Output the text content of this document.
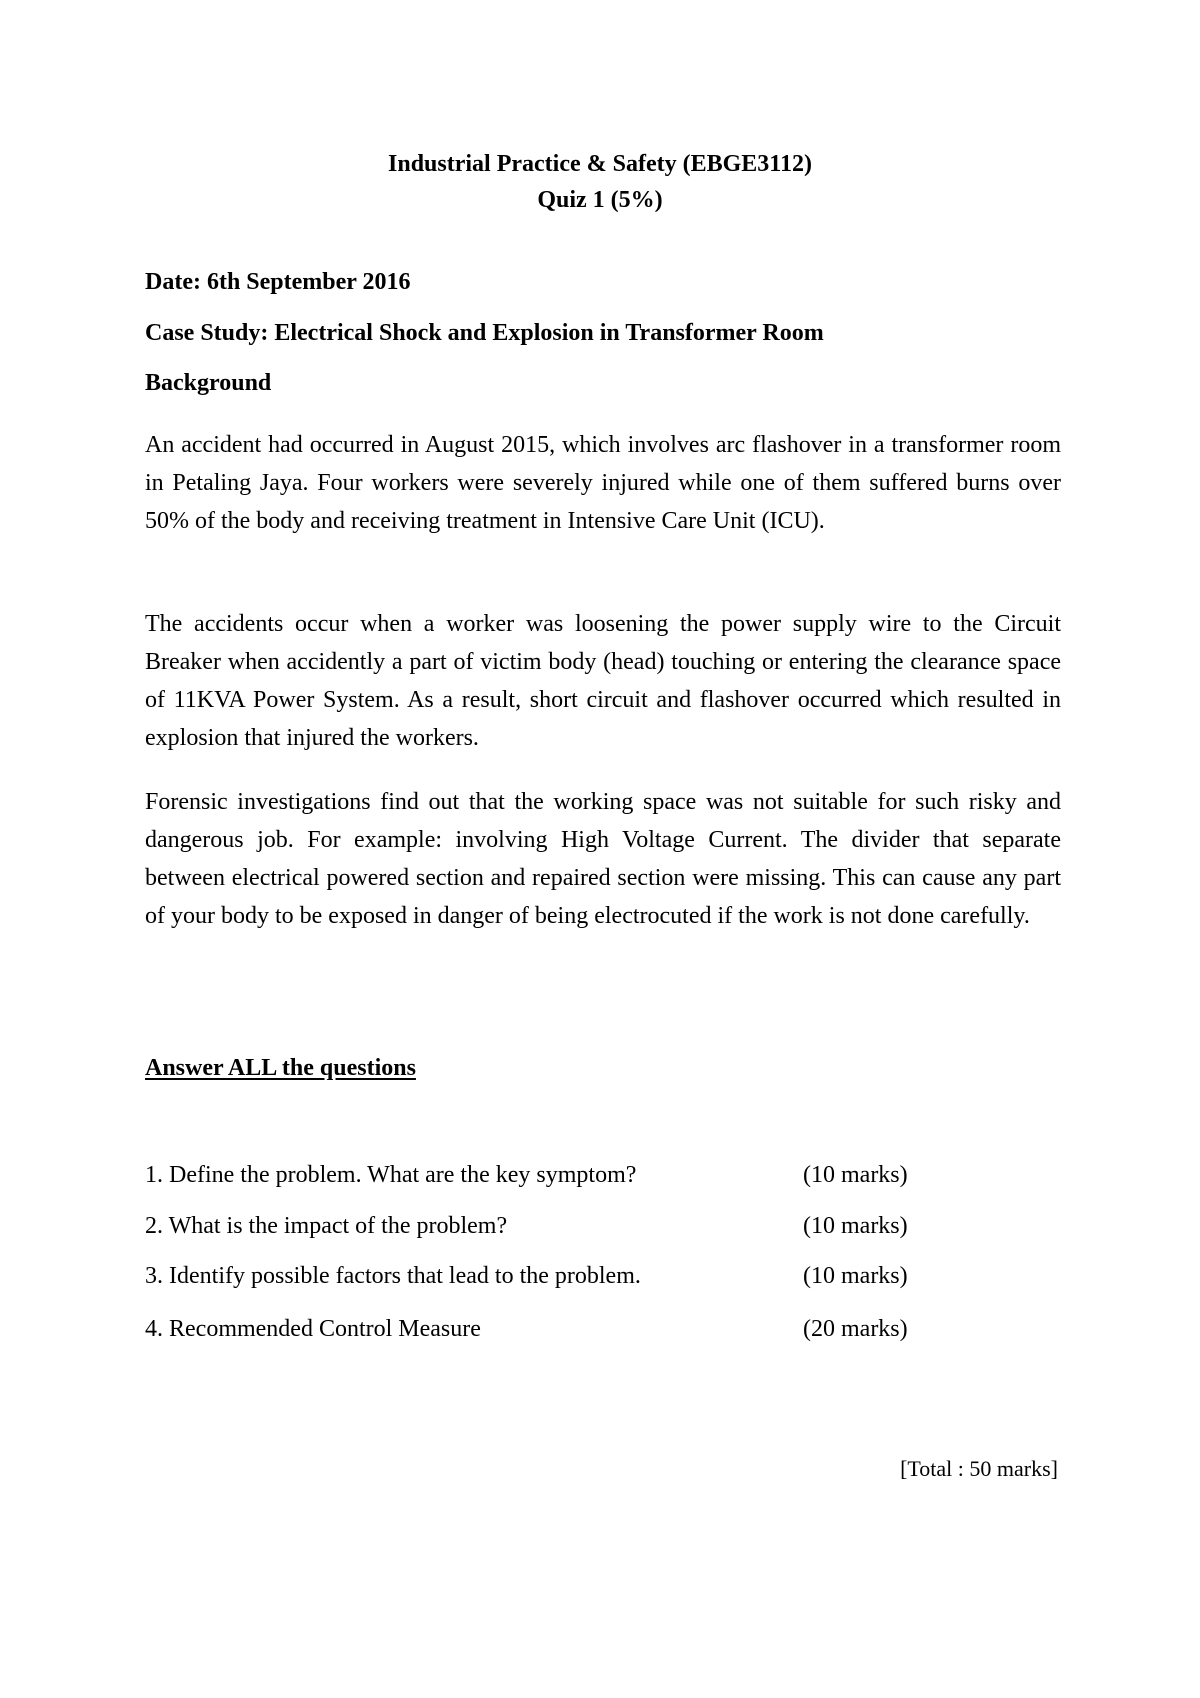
Industrial Practice & Safety (EBGE3112)
Quiz 1 (5%)
Date: 6th September 2016
Case Study: Electrical Shock and Explosion in Transformer Room
Background

An accident had occurred in August 2015, which involves arc flashover in a transformer room in Petaling Jaya. Four workers were severely injured while one of them suffered burns over 50% of the body and receiving treatment in Intensive Care Unit (ICU).

The accidents occur when a worker was loosening the power supply wire to the Circuit Breaker when accidently a part of victim body (head) touching or entering the clearance space of 11KVA Power System. As a result, short circuit and flashover occurred which resulted in explosion that injured the workers.

Forensic investigations find out that the working space was not suitable for such risky and dangerous job. For example: involving High Voltage Current. The divider that separate between electrical powered section and repaired section were missing. This can cause any part of your body to be exposed in danger of being electrocuted if the work is not done carefully.

Answer ALL the questions
1. Define the problem. What are the key symptom?	(10 marks)
2. What is the impact of the problem?	(10 marks)
3. Identify possible factors that lead to the problem.	(10 marks)
4. Recommended Control Measure	(20 marks)
[Total : 50 marks]
